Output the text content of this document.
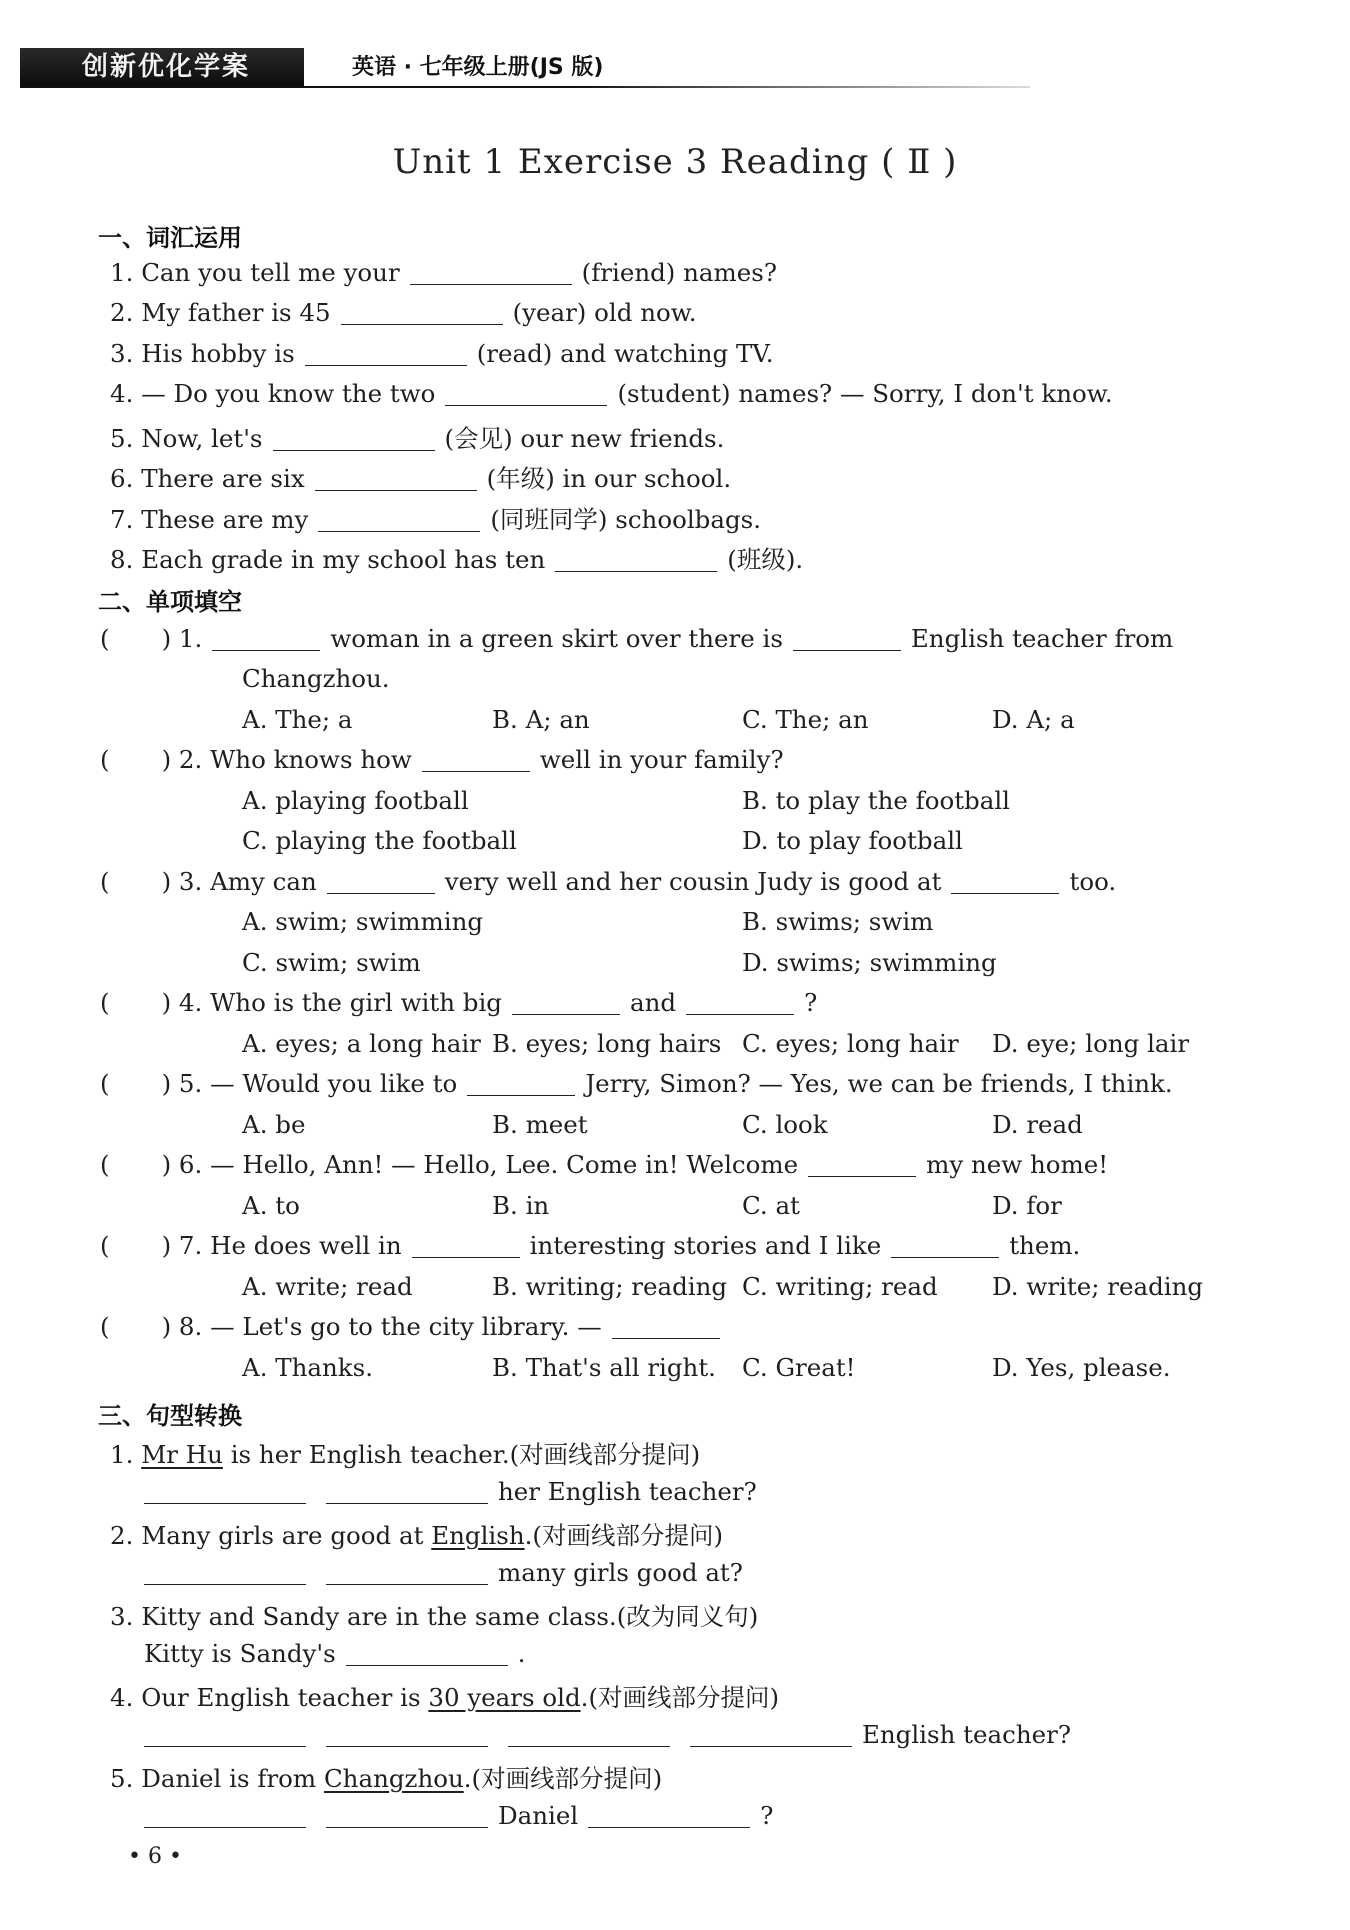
创新优化学案	英语 · 七年级上册(JS 版)
Unit 1 Exercise 3 Reading ( Ⅱ )
一、词汇运用
1. Can you tell me your	(friend) names?
2. My father is 45	(year) old now.
3. His hobby is	(read) and watching TV.
4. — Do you know the two	(student) names? — Sorry, I don't know.
5. Now, let's	(会见) our new friends.
6. There are six	(年级) in our school.
7. These are my	(同班同学) schoolbags.
8. Each grade in my school has ten	(班级).
二、单项填空
( ) 1.	woman in a green skirt over there is	English teacher from
Changzhou.
A. The; a	B. A; an	C. The; an	D. A; a
( ) 2. Who knows how	well in your family?
A. playing football	B. to play the football
C. playing the football	D. to play football
( ) 3. Amy can	very well and her cousin Judy is good at	too.
A. swim; swimming	B. swims; swim
C. swim; swim	D. swims; swimming
( ) 4. Who is the girl with big	and	?
A. eyes; a long hair B. eyes; long hairs C. eyes; long hair D. eye; long lair
( ) 5. — Would you like to	Jerry, Simon? — Yes, we can be friends, I think.
A. be	B. meet	C. look	D. read
( ) 6. — Hello, Ann! — Hello, Lee. Come in! Welcome	my new home!
A. to	B. in	C. at	D. for
( ) 7. He does well in	interesting stories and I like	them.
A. write; read	B. writing; reading C. writing; read D. write; reading
( ) 8. — Let's go to the city library. —
A. Thanks.	B. That's all right. C. Great!	D. Yes, please.
三、句型转换
1. Mr Hu is her English teacher.(对画线部分提问)
her English teacher?
2. Many girls are good at English.(对画线部分提问)
many girls good at?
3. Kitty and Sandy are in the same class.(改为同义句)
Kitty is Sandy's	.
4. Our English teacher is 30 years old.(对画线部分提问)
English teacher?
5. Daniel is from Changzhou.(对画线部分提问)
Daniel	?
• 6 •
